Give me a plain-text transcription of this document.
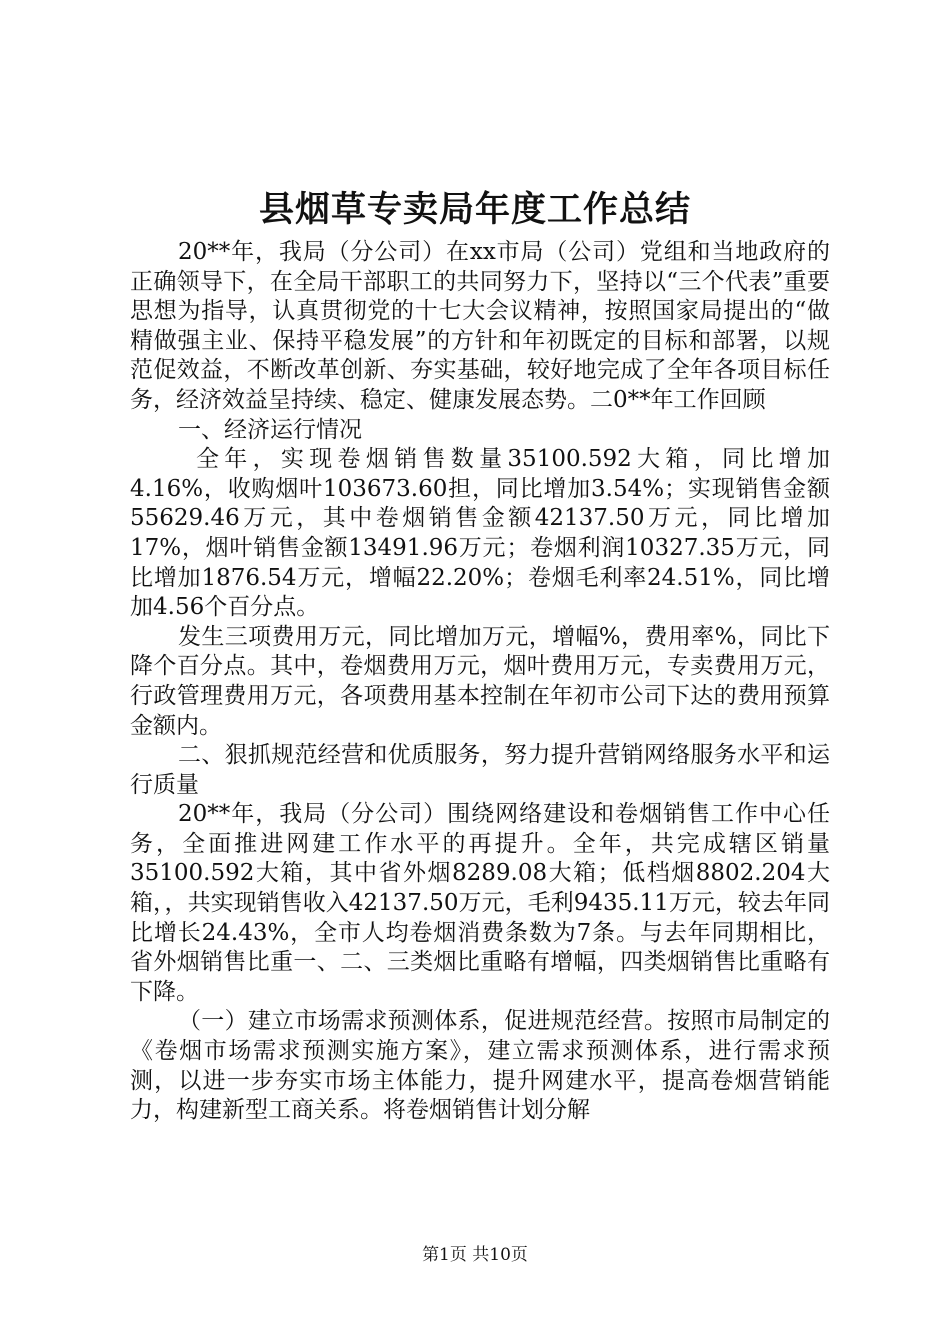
县烟草专卖局年度工作总结

20**年，我局（分公司）在xx市局（公司）党组和当地政府的正确领导下，在全局干部职工的共同努力下，坚持以“三个代表”重要思想为指导，认真贯彻党的十七大会议精神，按照国家局提出的“做精做强主业、保持平稳发展”的方针和年初既定的目标和部署，以规范促效益，不断改革创新、夯实基础，较好地完成了全年各项目标任务，经济效益呈持续、稳定、健康发展态势。二0**年工作回顾

一、经济运行情况

全年，实现卷烟销售数量35100.592大箱，同比增加4.16%，收购烟叶103673.60担，同比增加3.54%；实现销售金额55629.46万元，其中卷烟销售金额42137.50万元，同比增加17%，烟叶销售金额13491.96万元；卷烟利润10327.35万元，同比增加1876.54万元，增幅22.20%；卷烟毛利率24.51%，同比增加4.56个百分点。

发生三项费用万元，同比增加万元，增幅%，费用率%，同比下降个百分点。其中，卷烟费用万元，烟叶费用万元，专卖费用万元，行政管理费用万元，各项费用基本控制在年初市公司下达的费用预算金额内。

二、狠抓规范经营和优质服务，努力提升营销网络服务水平和运行质量

20**年，我局（分公司）围绕网络建设和卷烟销售工作中心任务，全面推进网建工作水平的再提升。全年，共完成辖区销量35100.592大箱，其中省外烟8289.08大箱；低档烟8802.204大箱，，共实现销售收入42137.50万元，毛利9435.11万元，较去年同比增长24.43%，全市人均卷烟消费条数为7条。与去年同期相比，省外烟销售比重一、二、三类烟比重略有增幅，四类烟销售比重略有下降。

（一）建立市场需求预测体系，促进规范经营。按照市局制定的《卷烟市场需求预测实施方案》，建立需求预测体系，进行需求预测，以进一步夯实市场主体能力，提升网建水平，提高卷烟营销能力，构建新型工商关系。将卷烟销售计划分解

第1页 共10页
